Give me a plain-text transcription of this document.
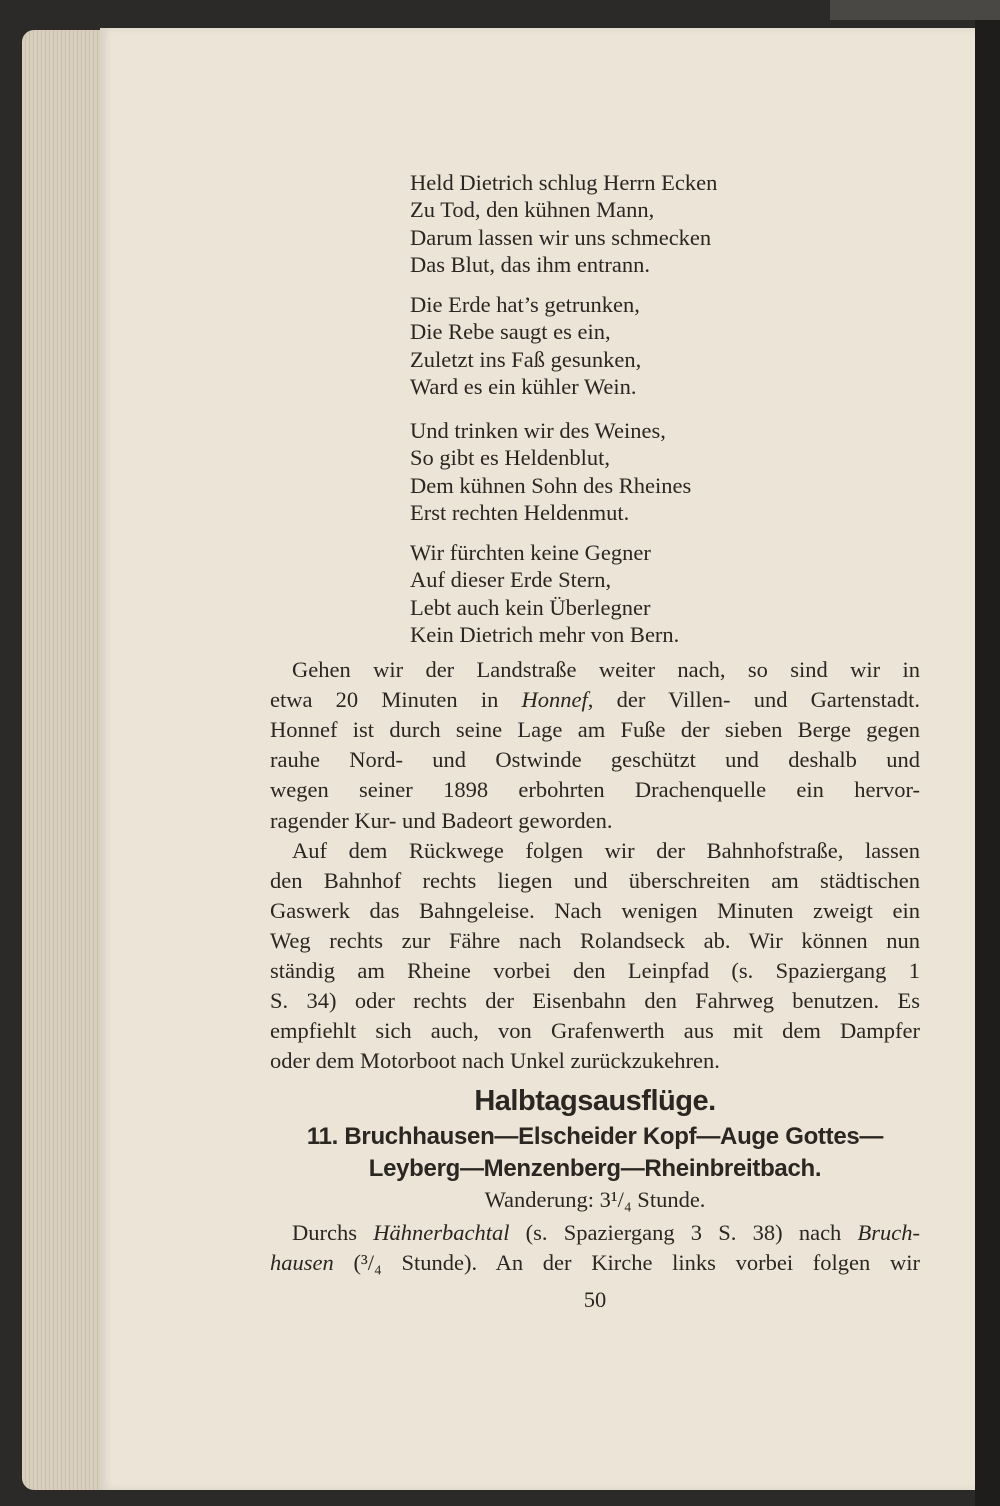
Halbtagsausflüge.
11. Bruchhausen—Elscheider Kopf—Auge Gottes—
Leyberg—Menzenberg—Rheinbreitbach.
Wanderung: 3¹/₄ Stunde.
50
Held Dietrich schlug Herrn Ecken
Zu Tod, den kühnen Mann,
Darum lassen wir uns schmecken
Das Blut, das ihm entrann.
Die Erde hat’s getrunken,
Die Rebe saugt es ein,
Zuletzt ins Faß gesunken,
Ward es ein kühler Wein.
Und trinken wir des Weines,
So gibt es Heldenblut,
Dem kühnen Sohn des Rheines
Erst rechten Heldenmut.
Wir fürchten keine Gegner
Auf dieser Erde Stern,
Lebt auch kein Überlegner
Kein Dietrich mehr von Bern.
Gehen wir der Landstraße weiter nach, so sind wir in
etwa 20 Minuten in Honnef, der Villen- und Gartenstadt.
Honnef ist durch seine Lage am Fuße der sieben Berge gegen
rauhe Nord- und Ostwinde geschützt und deshalb und
wegen seiner 1898 erbohrten Drachenquelle ein hervor-
ragender Kur- und Badeort geworden.
Auf dem Rückwege folgen wir der Bahnhofstraße, lassen
den Bahnhof rechts liegen und überschreiten am städtischen
Gaswerk das Bahngeleise. Nach wenigen Minuten zweigt ein
Weg rechts zur Fähre nach Rolandseck ab. Wir können nun
ständig am Rheine vorbei den Leinpfad (s. Spaziergang 1
S. 34) oder rechts der Eisenbahn den Fahrweg benutzen. Es
empfiehlt sich auch, von Grafenwerth aus mit dem Dampfer
oder dem Motorboot nach Unkel zurückzukehren.
Durchs Hähnerbachtal (s. Spaziergang 3 S. 38) nach Bruch-
hausen (³/₄ Stunde). An der Kirche links vorbei folgen wir
